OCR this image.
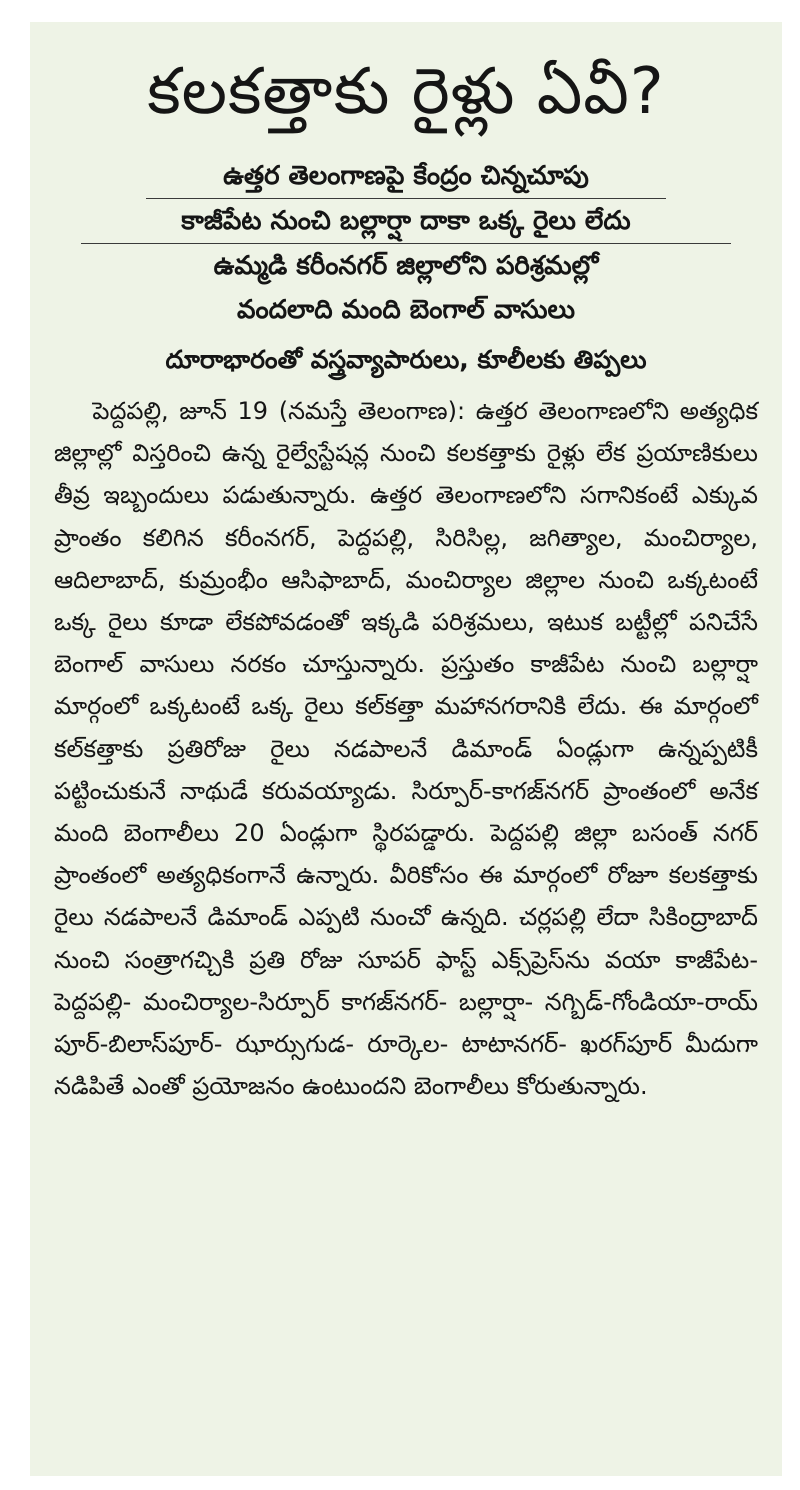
కలకత్తాకు రైళ్లు ఏవీ?
ఉత్తర తెలంగాణపై కేంద్రం చిన్నచూపు
కాజీపేట నుంచి బల్లార్షా దాకా ఒక్క రైలు లేదు
ఉమ్మడి కరీంనగర్ జిల్లాలోని పరిశ్రమల్లో
వందలాది మంది బెంగాల్ వాసులు
దూరాభారంతో వస్త్రవ్యాపారులు, కూలీలకు తిప్పలు

పెద్దపల్లి, జూన్ 19 (నమస్తే తెలంగాణ): ఉత్తర తెలంగాణలోని అత్యధిక జిల్లాల్లో విస్తరించి ఉన్న రైల్వేస్టేషన్ల నుంచి కలకత్తాకు రైళ్లు లేక ప్రయాణికులు తీవ్ర ఇబ్బందులు పడుతున్నారు. ఉత్తర తెలంగాణలోని సగానికంటే ఎక్కువ ప్రాంతం కలిగిన కరీంనగర్, పెద్దపల్లి, సిరిసిల్ల, జగిత్యాల, మంచిర్యాల, ఆదిలాబాద్, కుమ్రంభీం ఆసిఫాబాద్, మంచిర్యాల జిల్లాల నుంచి ఒక్కటంటే ఒక్క రైలు కూడా లేకపోవడంతో ఇక్కడి పరిశ్రమలు, ఇటుక బట్టీల్లో పనిచేసే బెంగాల్ వాసులు నరకం చూస్తున్నారు. ప్రస్తుతం కాజీపేట నుంచి బల్లార్షా మార్గంలో ఒక్కటంటే ఒక్క రైలు కల్‌కత్తా మహానగరానికి లేదు. ఈ మార్గంలో కల్‌కత్తాకు ప్రతిరోజు రైలు నడపాలనే డిమాండ్ ఏండ్లుగా ఉన్నప్పటికీ పట్టించుకునే నాథుడే కరువయ్యాడు. సిర్పూర్-కాగజ్‌నగర్ ప్రాంతంలో అనేక మంది బెంగాలీలు 20 ఏండ్లుగా స్థిరపడ్డారు. పెద్దపల్లి జిల్లా బసంత్ నగర్ ప్రాంతంలో అత్యధికంగానే ఉన్నారు. వీరికోసం ఈ మార్గంలో రోజూ కలకత్తాకు రైలు నడపాలనే డిమాండ్ ఎప్పటి నుంచో ఉన్నది. చర్లపల్లి లేదా సికింద్రాబాద్ నుంచి సంత్రాగచ్చికి ప్రతి రోజు సూపర్ ఫాస్ట్ ఎక్స్‌ప్రెస్‌ను వయా కాజీపేట-పెద్దపల్లి- మంచిర్యాల-సిర్పూర్ కాగజ్‌నగర్- బల్లార్షా- నగ్బిడ్-గోండియా-రాయ్ పూర్-బిలాస్‌పూర్- ఝార్సుగుడ- రూర్కెల- టాటానగర్- ఖరగ్‌పూర్ మీదుగా నడిపితే ఎంతో ప్రయోజనం ఉంటుందని బెంగాలీలు కోరుతున్నారు.
